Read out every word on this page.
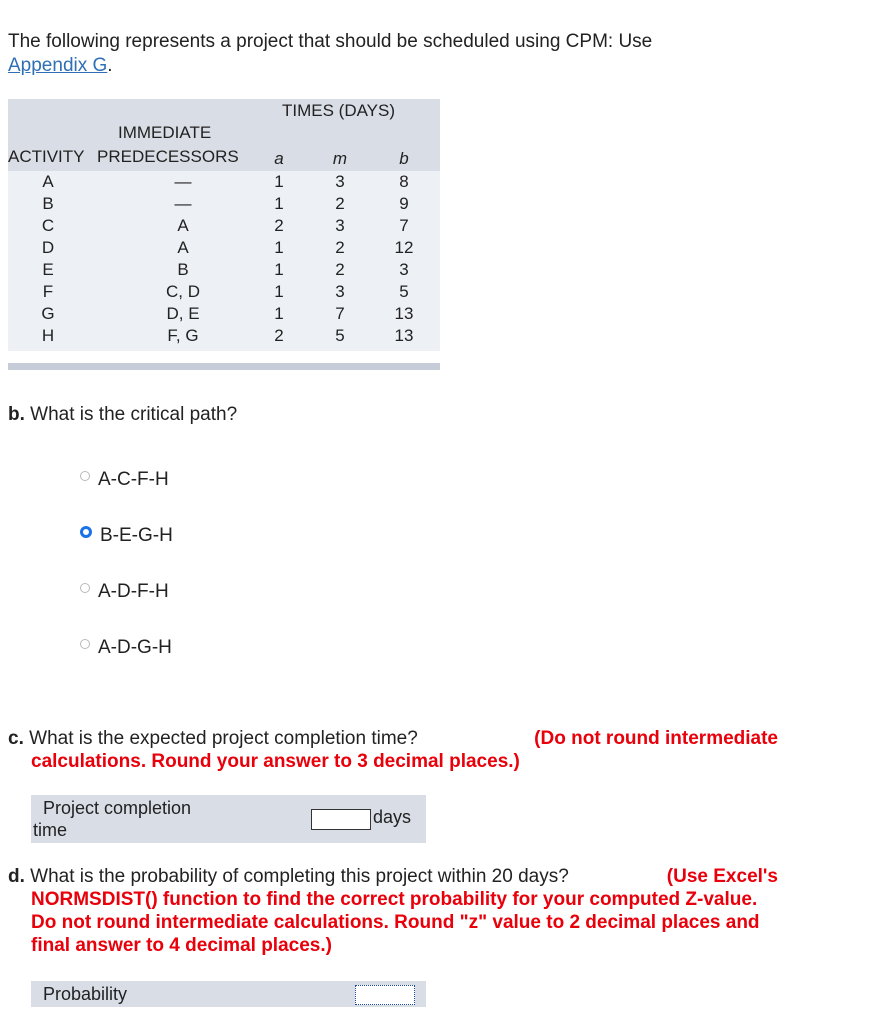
The following represents a project that should be scheduled using CPM: Use
Appendix G.
TIMES (DAYS)
IMMEDIATE
ACTIVITY PREDECESSORS a	m	b
A	—	1	3	8
B	—	1	2	9
C	A	2	3	7
D	A	1	2	12
E	B	1	2	3
F	C, D	1	3	5
G	D, E	1	7	13
H	F, G	2	5	13
b. What is the critical path?
A-C-F-H
B-E-G-H
A-D-F-H
A-D-G-H
c. What is the expected project completion time?	(Do not round intermediate
calculations. Round your answer to 3 decimal places.)
Project completion
time
days
d. What is the probability of completing this project within 20 days?	(Use Excel's
NORMSDIST() function to find the correct probability for your computed Z-value.
Do not round intermediate calculations. Round "z" value to 2 decimal places and
final answer to 4 decimal places.)
Probability
